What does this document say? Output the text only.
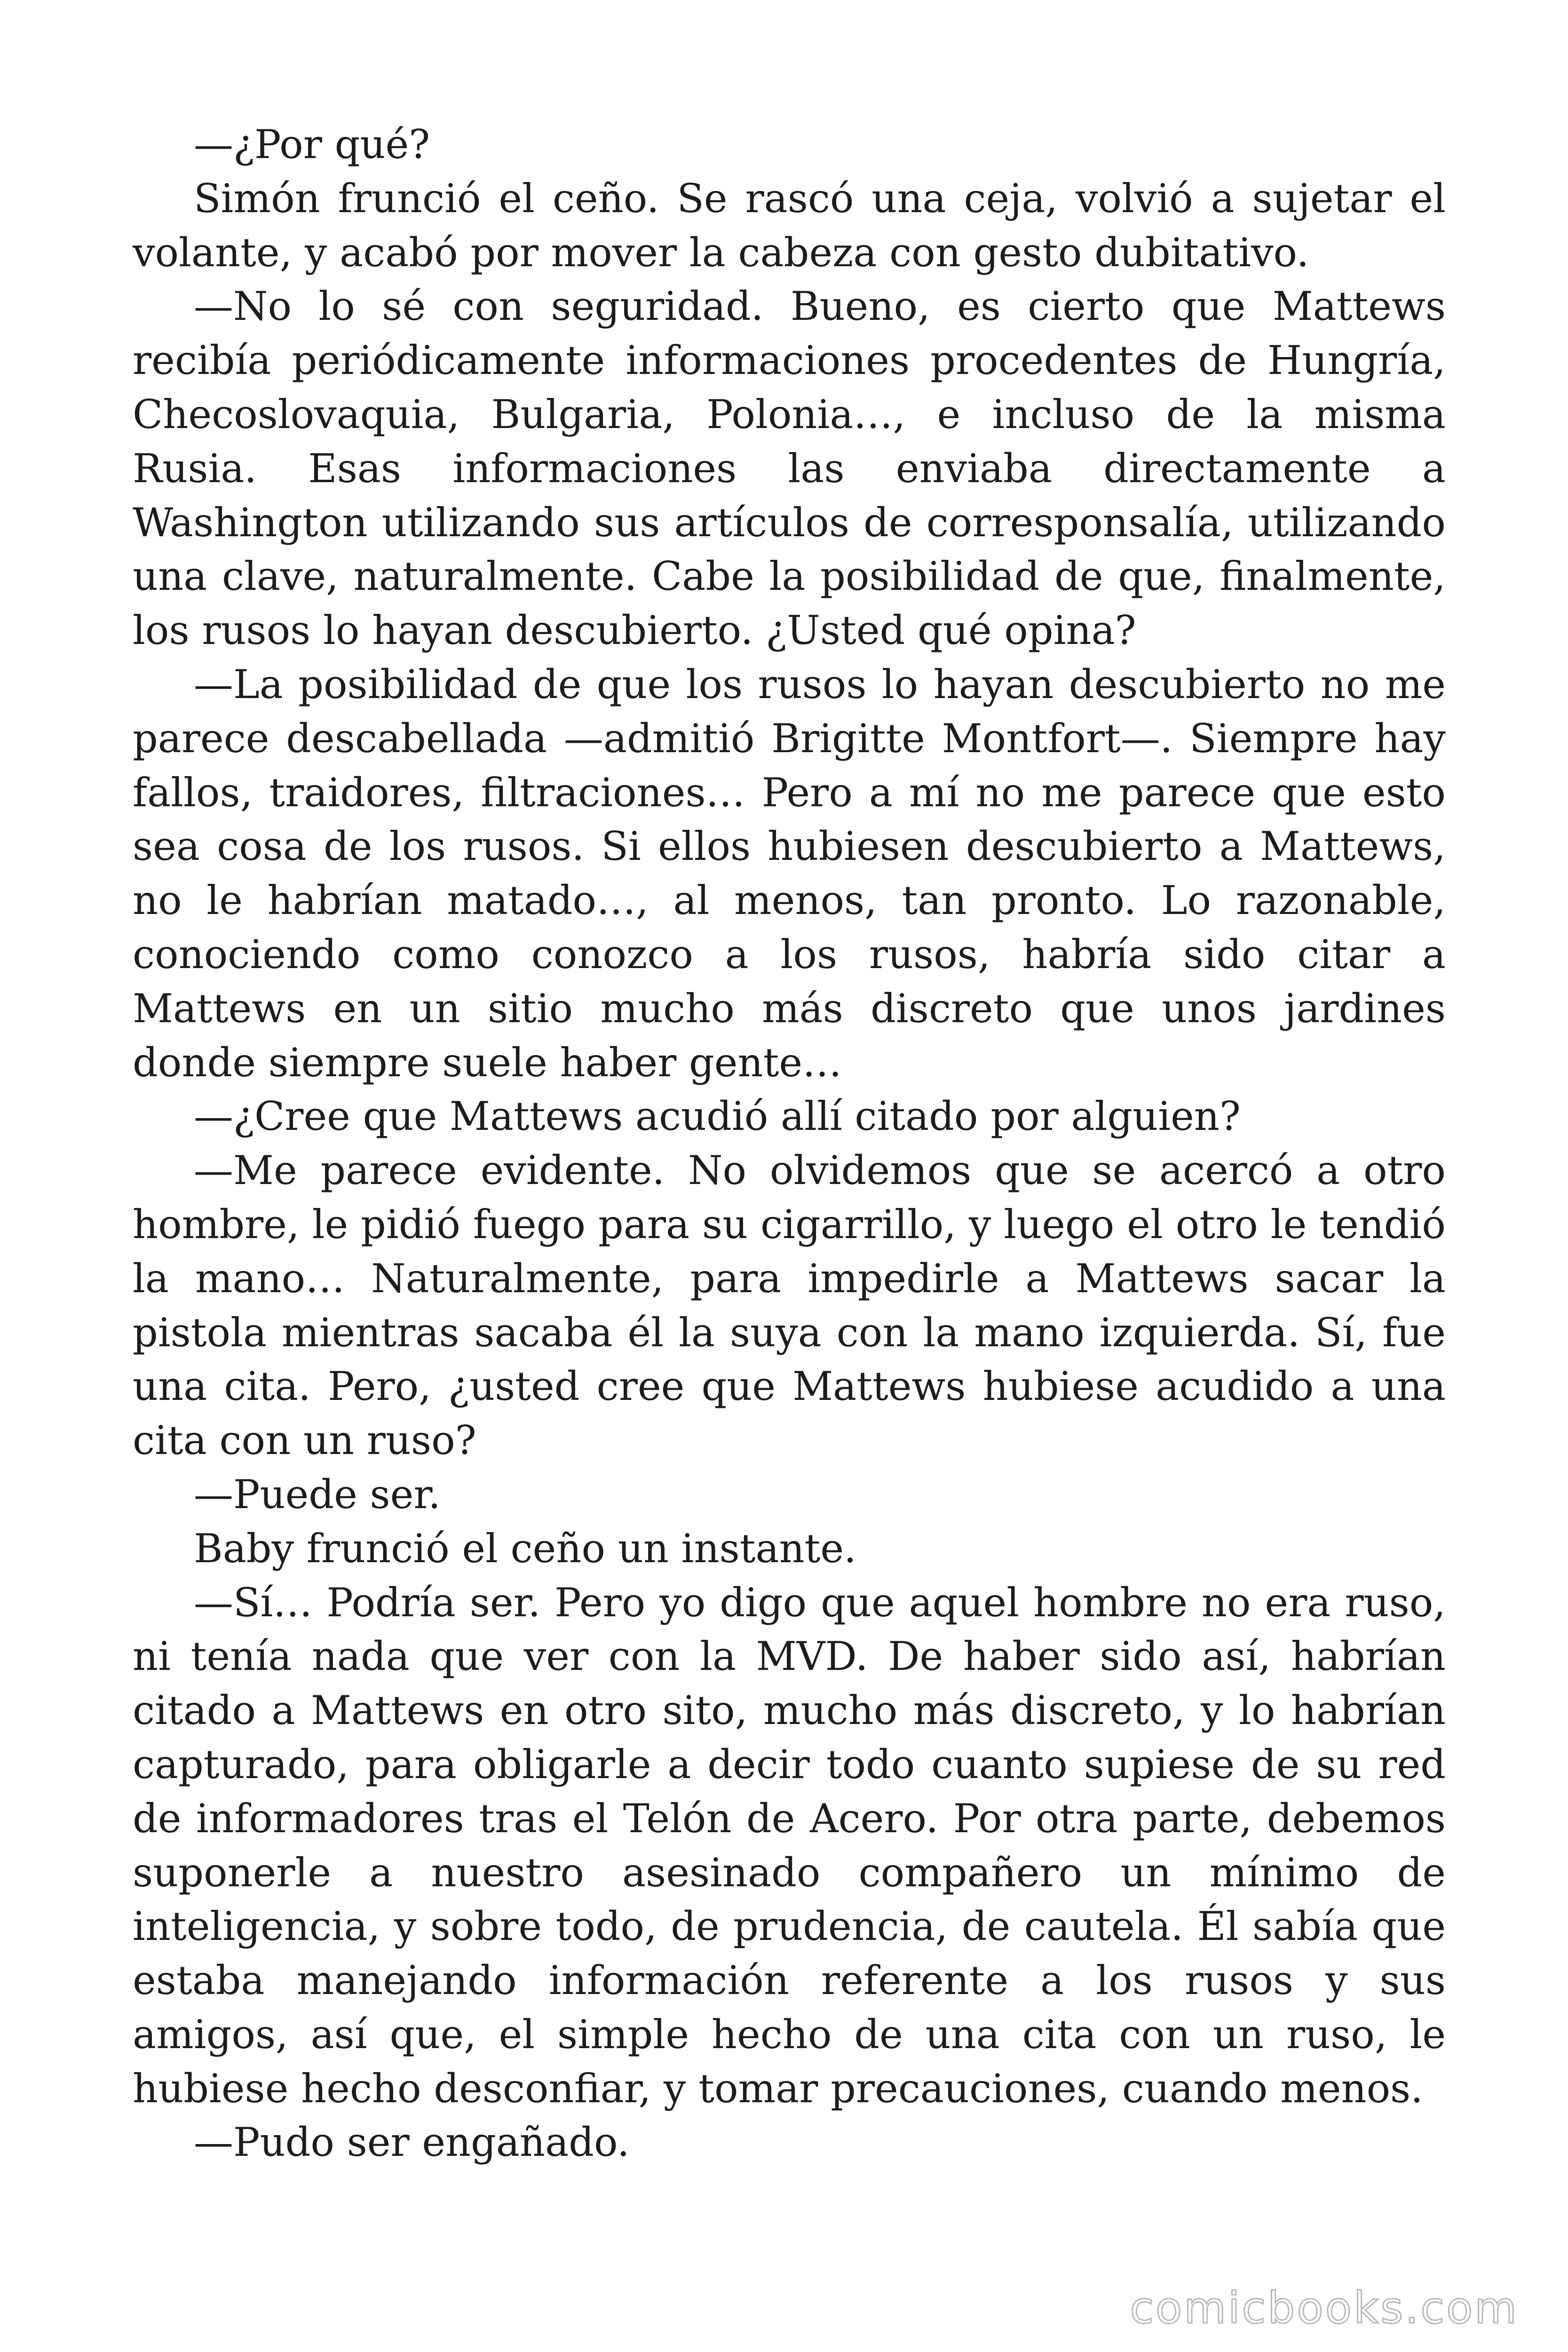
—¿Por qué?

Simón frunció el ceño. Se rascó una ceja, volvió a sujetar el volante, y acabó por mover la cabeza con gesto dubitativo.

—No lo sé con seguridad. Bueno, es cierto que Mattews recibía periódicamente informaciones procedentes de Hungría, Checoslovaquia, Bulgaria, Polonia…, e incluso de la misma Rusia. Esas informaciones las enviaba directamente a Washington utilizando sus artículos de corresponsalía, utilizando una clave, naturalmente. Cabe la posibilidad de que, finalmente, los rusos lo hayan descubierto. ¿Usted qué opina?

—La posibilidad de que los rusos lo hayan descubierto no me parece descabellada —admitió Brigitte Montfort—. Siempre hay fallos, traidores, filtraciones… Pero a mí no me parece que esto sea cosa de los rusos. Si ellos hubiesen descubierto a Mattews, no le habrían matado…, al menos, tan pronto. Lo razonable, conociendo como conozco a los rusos, habría sido citar a Mattews en un sitio mucho más discreto que unos jardines donde siempre suele haber gente…

—¿Cree que Mattews acudió allí citado por alguien?

—Me parece evidente. No olvidemos que se acercó a otro hombre, le pidió fuego para su cigarrillo, y luego el otro le tendió la mano… Naturalmente, para impedirle a Mattews sacar la pistola mientras sacaba él la suya con la mano izquierda. Sí, fue una cita. Pero, ¿usted cree que Mattews hubiese acudido a una cita con un ruso?

—Puede ser.

Baby frunció el ceño un instante.

—Sí… Podría ser. Pero yo digo que aquel hombre no era ruso, ni tenía nada que ver con la MVD. De haber sido así, habrían citado a Mattews en otro sito, mucho más discreto, y lo habrían capturado, para obligarle a decir todo cuanto supiese de su red de informadores tras el Telón de Acero. Por otra parte, debemos suponerle a nuestro asesinado compañero un mínimo de inteligencia, y sobre todo, de prudencia, de cautela. Él sabía que estaba manejando información referente a los rusos y sus amigos, así que, el simple hecho de una cita con un ruso, le hubiese hecho desconfiar, y tomar precauciones, cuando menos.

—Pudo ser engañado.

comicbooks.com
